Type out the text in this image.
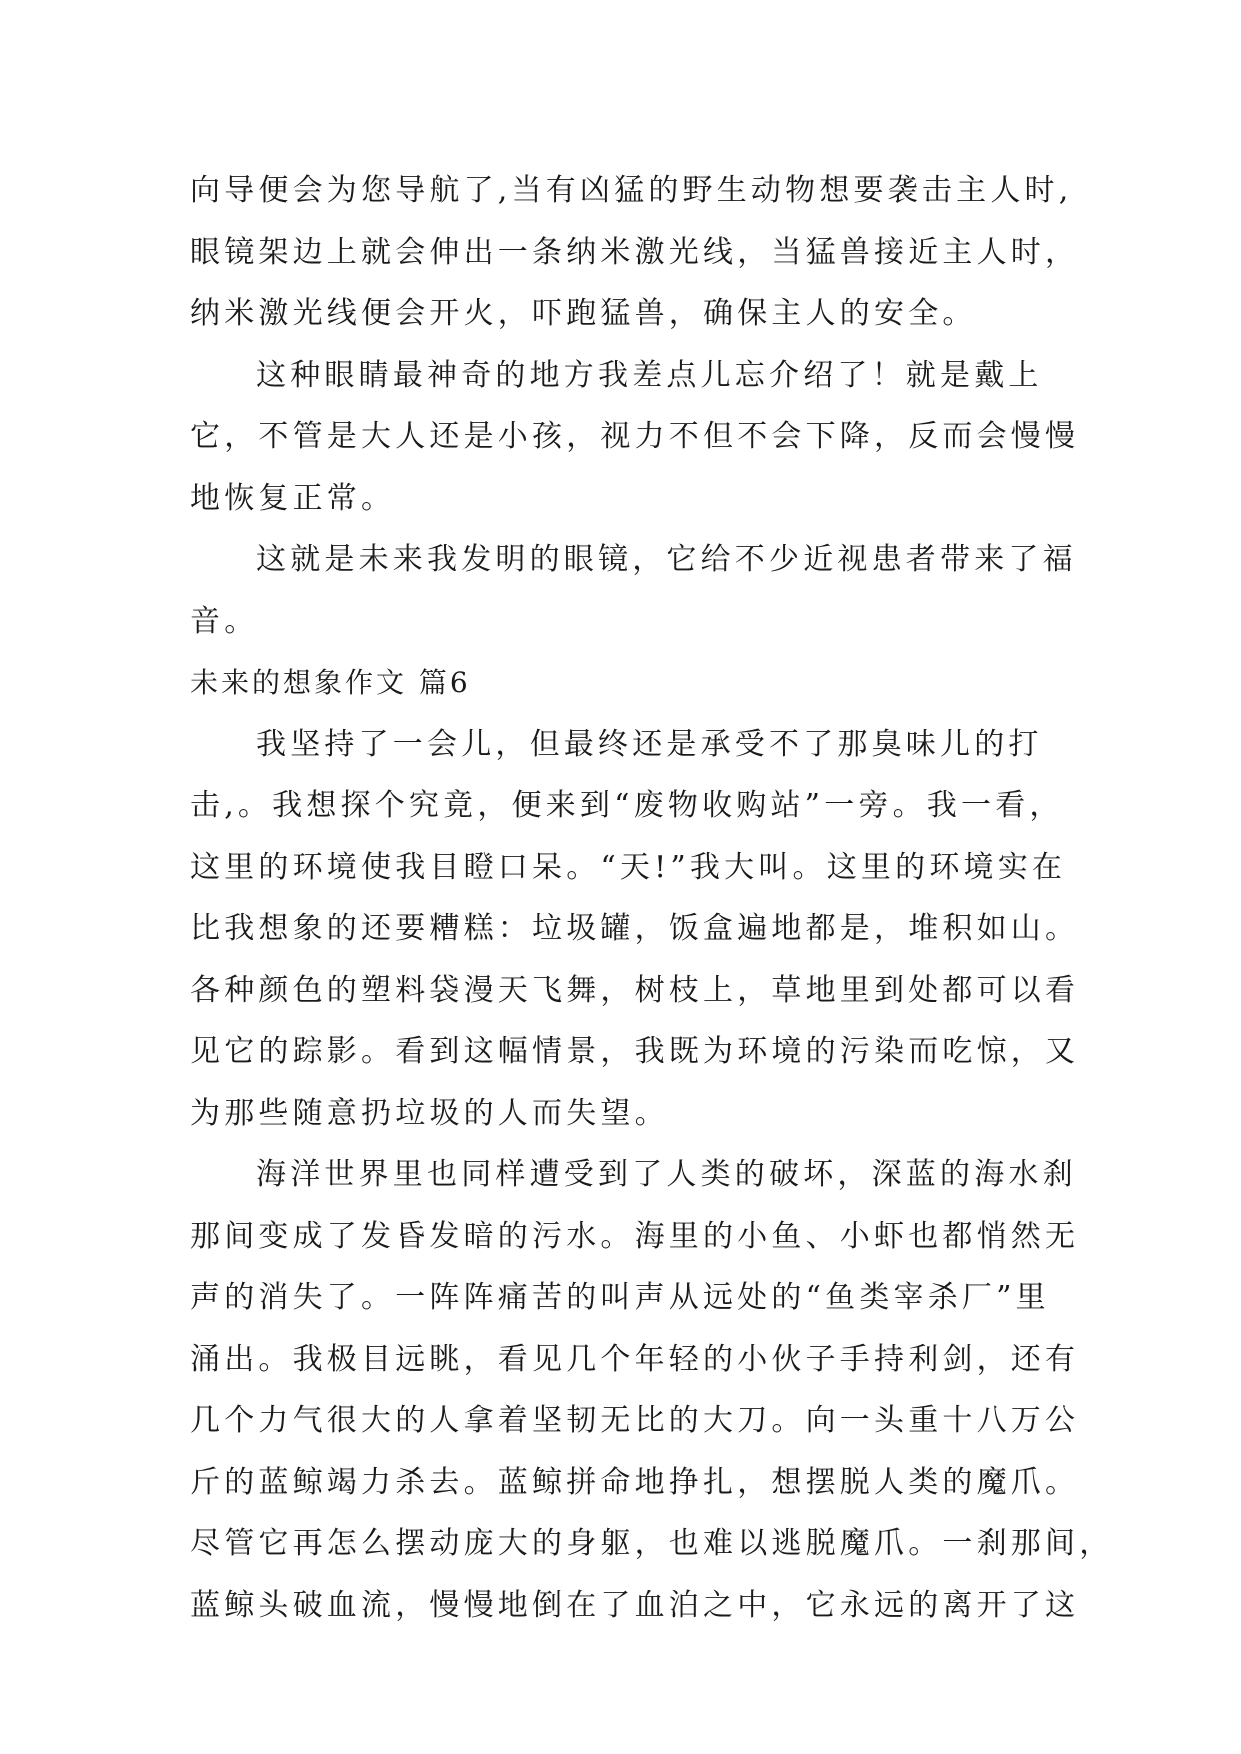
向导便会为您导航了,当有凶猛的野生动物想要袭击主人时,
眼镜架边上就会伸出一条纳米激光线，当猛兽接近主人时，
纳米激光线便会开火，吓跑猛兽，确保主人的安全。
这种眼睛最神奇的地方我差点儿忘介绍了！就是戴上
它，不管是大人还是小孩，视力不但不会下降，反而会慢慢
地恢复正常。
这就是未来我发明的眼镜，它给不少近视患者带来了福
音。
未来的想象作文 篇6
我坚持了一会儿，但最终还是承受不了那臭味儿的打
击,。我想探个究竟，便来到“废物收购站”一旁。我一看，
这里的环境使我目瞪口呆。“天!”我大叫。这里的环境实在
比我想象的还要糟糕：垃圾罐，饭盒遍地都是，堆积如山。
各种颜色的塑料袋漫天飞舞，树枝上，草地里到处都可以看
见它的踪影。看到这幅情景，我既为环境的污染而吃惊，又
为那些随意扔垃圾的人而失望。
海洋世界里也同样遭受到了人类的破坏，深蓝的海水刹
那间变成了发昏发暗的污水。海里的小鱼、小虾也都悄然无
声的消失了。一阵阵痛苦的叫声从远处的“鱼类宰杀厂”里
涌出。我极目远眺，看见几个年轻的小伙子手持利剑，还有
几个力气很大的人拿着坚韧无比的大刀。向一头重十八万公
斤的蓝鲸竭力杀去。蓝鲸拼命地挣扎，想摆脱人类的魔爪。
尽管它再怎么摆动庞大的身躯，也难以逃脱魔爪。一刹那间，
蓝鲸头破血流，慢慢地倒在了血泊之中，它永远的离开了这
